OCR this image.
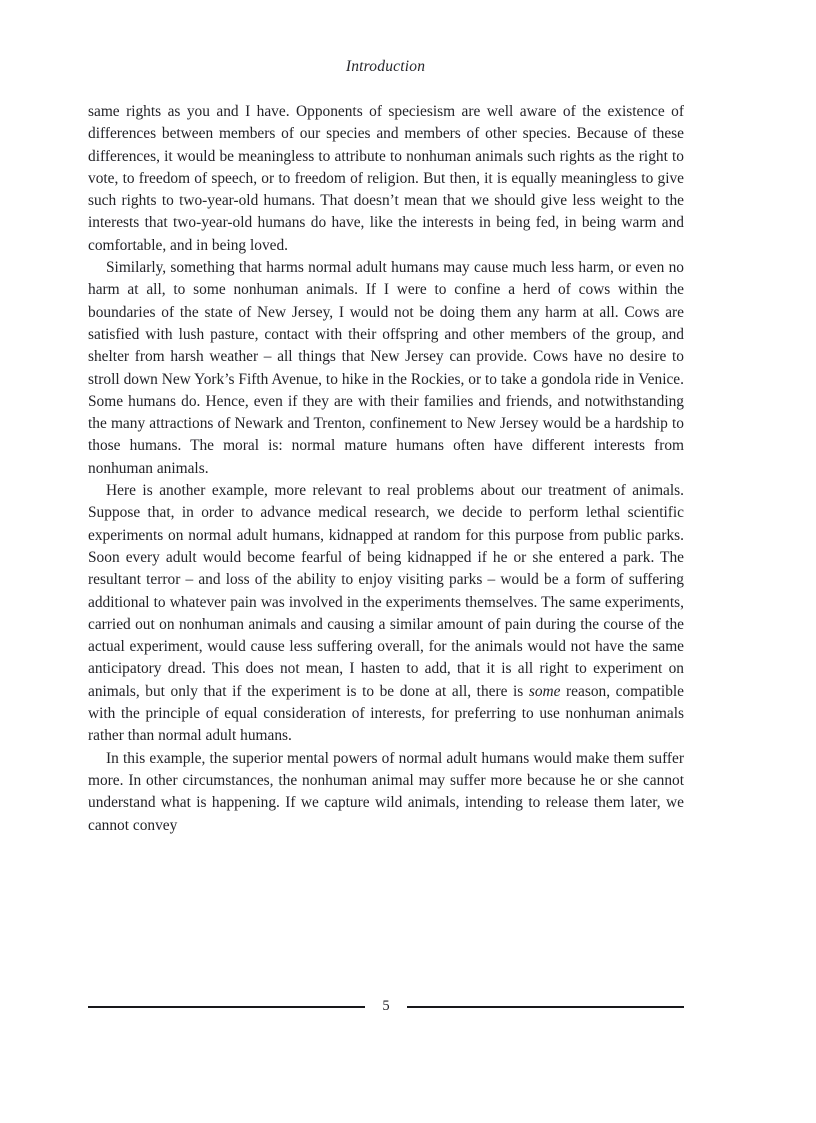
Introduction

same rights as you and I have. Opponents of speciesism are well aware of the existence of differences between members of our species and members of other species. Because of these differences, it would be meaningless to attribute to nonhuman animals such rights as the right to vote, to freedom of speech, or to freedom of religion. But then, it is equally meaningless to give such rights to two-year-old humans. That doesn’t mean that we should give less weight to the interests that two-year-old humans do have, like the interests in being fed, in being warm and comfortable, and in being loved.

Similarly, something that harms normal adult humans may cause much less harm, or even no harm at all, to some nonhuman animals. If I were to confine a herd of cows within the boundaries of the state of New Jersey, I would not be doing them any harm at all. Cows are satisfied with lush pasture, contact with their offspring and other members of the group, and shelter from harsh weather – all things that New Jersey can provide. Cows have no desire to stroll down New York’s Fifth Avenue, to hike in the Rockies, or to take a gondola ride in Venice. Some humans do. Hence, even if they are with their families and friends, and notwithstanding the many attractions of Newark and Trenton, confinement to New Jersey would be a hardship to those humans. The moral is: normal mature humans often have different interests from nonhuman animals.

Here is another example, more relevant to real problems about our treatment of animals. Suppose that, in order to advance medical research, we decide to perform lethal scientific experiments on normal adult humans, kidnapped at random for this purpose from public parks. Soon every adult would become fearful of being kidnapped if he or she entered a park. The resultant terror – and loss of the ability to enjoy visiting parks – would be a form of suffering additional to whatever pain was involved in the experiments themselves. The same experiments, carried out on nonhuman animals and causing a similar amount of pain during the course of the actual experiment, would cause less suffering overall, for the animals would not have the same anticipatory dread. This does not mean, I hasten to add, that it is all right to experiment on animals, but only that if the experiment is to be done at all, there is some reason, compatible with the principle of equal consideration of interests, for preferring to use nonhuman animals rather than normal adult humans.

In this example, the superior mental powers of normal adult humans would make them suffer more. In other circumstances, the nonhuman animal may suffer more because he or she cannot understand what is happening. If we capture wild animals, intending to release them later, we cannot convey

5
